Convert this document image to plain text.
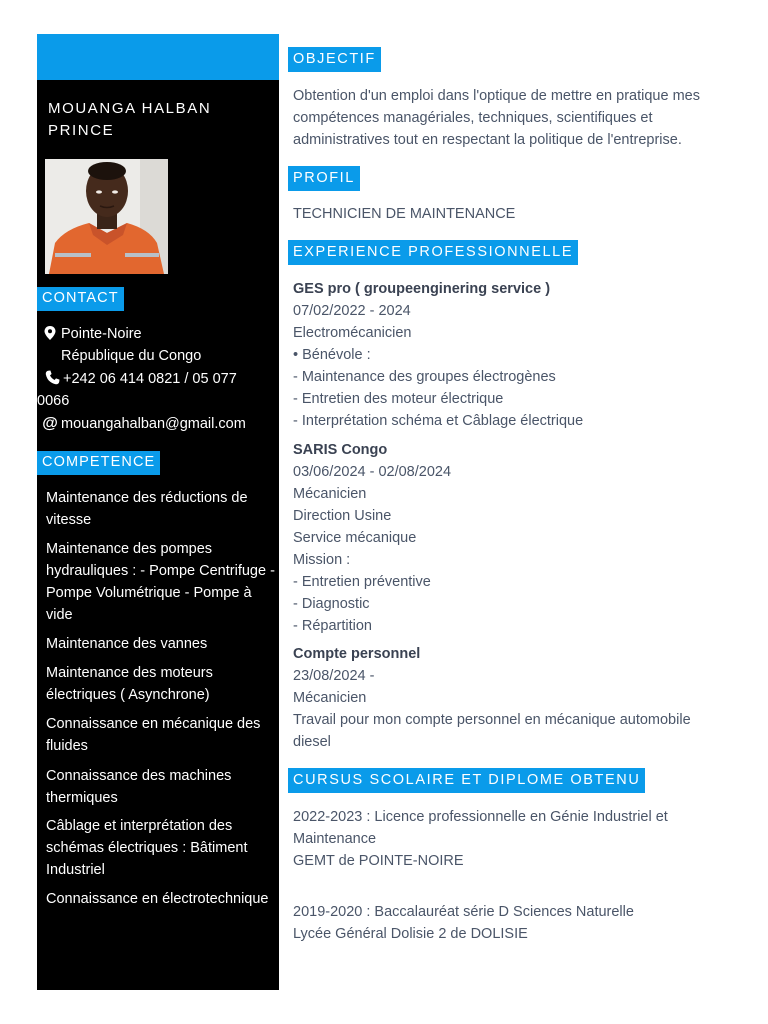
MOUANGA HALBAN PRINCE
CONTACT
Pointe-Noire
République du Congo
+242 06 414 0821 / 05 077
0066
@ mouangahalban@gmail.com
COMPETENCE
Maintenance des réductions de vitesse
Maintenance des pompes hydrauliques : - Pompe Centrifuge - Pompe Volumétrique - Pompe à vide
Maintenance des vannes
Maintenance des moteurs électriques ( Asynchrone)
Connaissance en mécanique des fluides
Connaissance des machines thermiques
Câblage et interprétation des schémas électriques : Bâtiment Industriel
Connaissance en électrotechnique
OBJECTIF
Obtention d'un emploi dans l'optique de mettre en pratique mes compétences managériales, techniques, scientifiques et administratives tout en respectant la politique de l'entreprise.
PROFIL
TECHNICIEN DE MAINTENANCE
EXPERIENCE PROFESSIONNELLE
GES pro ( groupeenginering service )
07/02/2022 - 2024
Electromécanicien
• Bénévole :
- Maintenance des groupes électrogènes
- Entretien des moteur électrique
- Interprétation schéma et Câblage électrique
SARIS Congo
03/06/2024 - 02/08/2024
Mécanicien
Direction Usine
Service mécanique
Mission :
- Entretien préventive
- Diagnostic
- Répartition
Compte personnel
23/08/2024 -
Mécanicien
Travail pour mon compte personnel en mécanique automobile diesel
CURSUS SCOLAIRE ET DIPLOME OBTENU
2022-2023 : Licence professionnelle en Génie Industriel et Maintenance
GEMT de POINTE-NOIRE
2019-2020 : Baccalauréat série D Sciences Naturelle
Lycée Général Dolisie 2 de DOLISIE
